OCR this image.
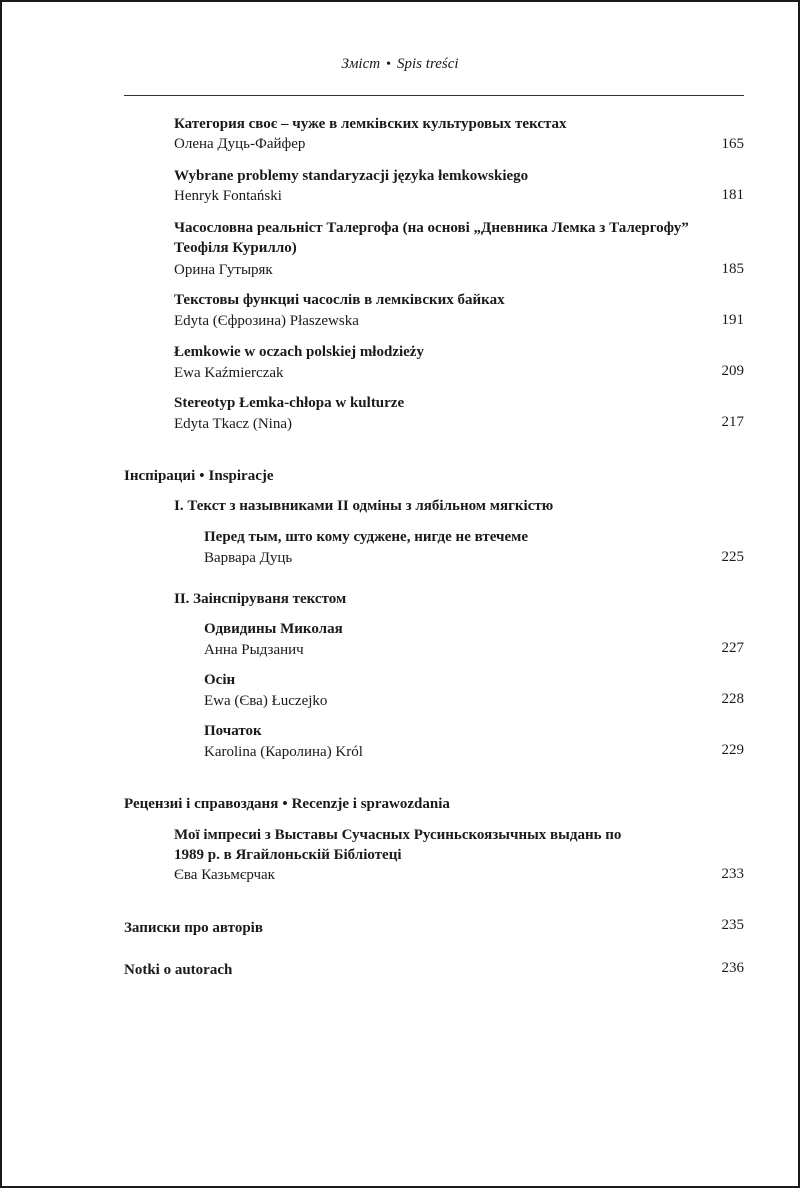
Зміст • Spis treści
Категория своє – чуже в лемківских культуровых текстах
Олена Дуць-Файфер	165
Wybrane problemy standaryzacji języka łemkowskiego
Henryk Fontański	181
Часословна реальніст Талергофа (на основі „Дневника Лемка з Талергофу”
Теофіля Курилло)
Орина Гутыряк	185
Текстовы функциі часослів в лемківских байках
Edyta (Єфрозина) Płaszewska	191
Łemkowie w oczach polskiej młodzieży
Ewa Kaźmierczak	209
Stereotyp Łemka-chłopa w kulturze
Edyta Tkacz (Nina)	217
Інспірациі • Inspiracje
I. Текст з назывниками II одміны з лябільном мягкістю
Перед тым, што кому суджене, нигде не втечеме
Варвара Дуць	225
II. Заінспіруваня текстом
Одвидины Миколая
Анна Рыдзанич	227
Осін
Ewa (Єва) Łuczejko	228
Початок
Karolina (Каролина) Król	229
Рецензиі і справозданя • Recenzje i sprawozdania
Мої імпресиі з Выставы Сучасных Русиньскоязычных выдань по
1989 р. в Ягайлоньскій Бібліотеці
Єва Казьмєрчак	233
Записки про авторів	235
Notki o autorach	236
